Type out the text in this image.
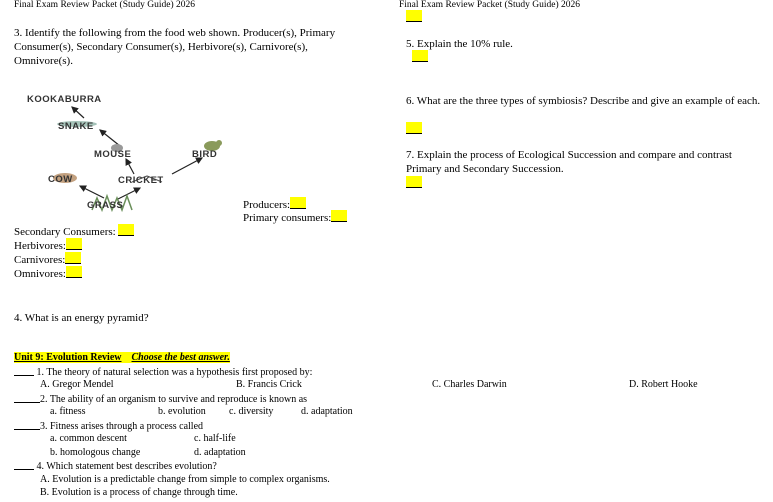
Final Exam Review Packet (Study Guide) 2026	Final Exam Review Packet (Study Guide) 2026
3. Identify the following from the food web shown. Producer(s), Primary Consumer(s), Secondary Consumer(s), Herbivore(s), Carnivore(s), Omnivore(s).
KOOKABURRA
SNAKE
MOUSE	BIRD
COW	CRICKET
GRASS	Producers:
Primary consumers:
Secondary Consumers:
Herbivores:
Carnivores:
Omnivores:
4. What is an energy pyramid?
5. Explain the 10% rule.
6. What are the three types of symbiosis? Describe and give an example of each.
7. Explain the process of Ecological Succession and compare and contrast Primary and Secondary Succession.
Unit 9: Evolution Review Choose the best answer.
1. The theory of natural selection was a hypothesis first proposed by:
A. Gregor Mendel	B. Francis Crick	C. Charles Darwin	D. Robert Hooke
2. The ability of an organism to survive and reproduce is known as
a. fitness	b. evolution c. diversity	d. adaptation
3. Fitness arises through a process called
a. common descent	c. half-life
b. homologous change	d. adaptation
4. Which statement best describes evolution?
A. Evolution is a predictable change from simple to complex organisms.
B. Evolution is a process of change through time.
